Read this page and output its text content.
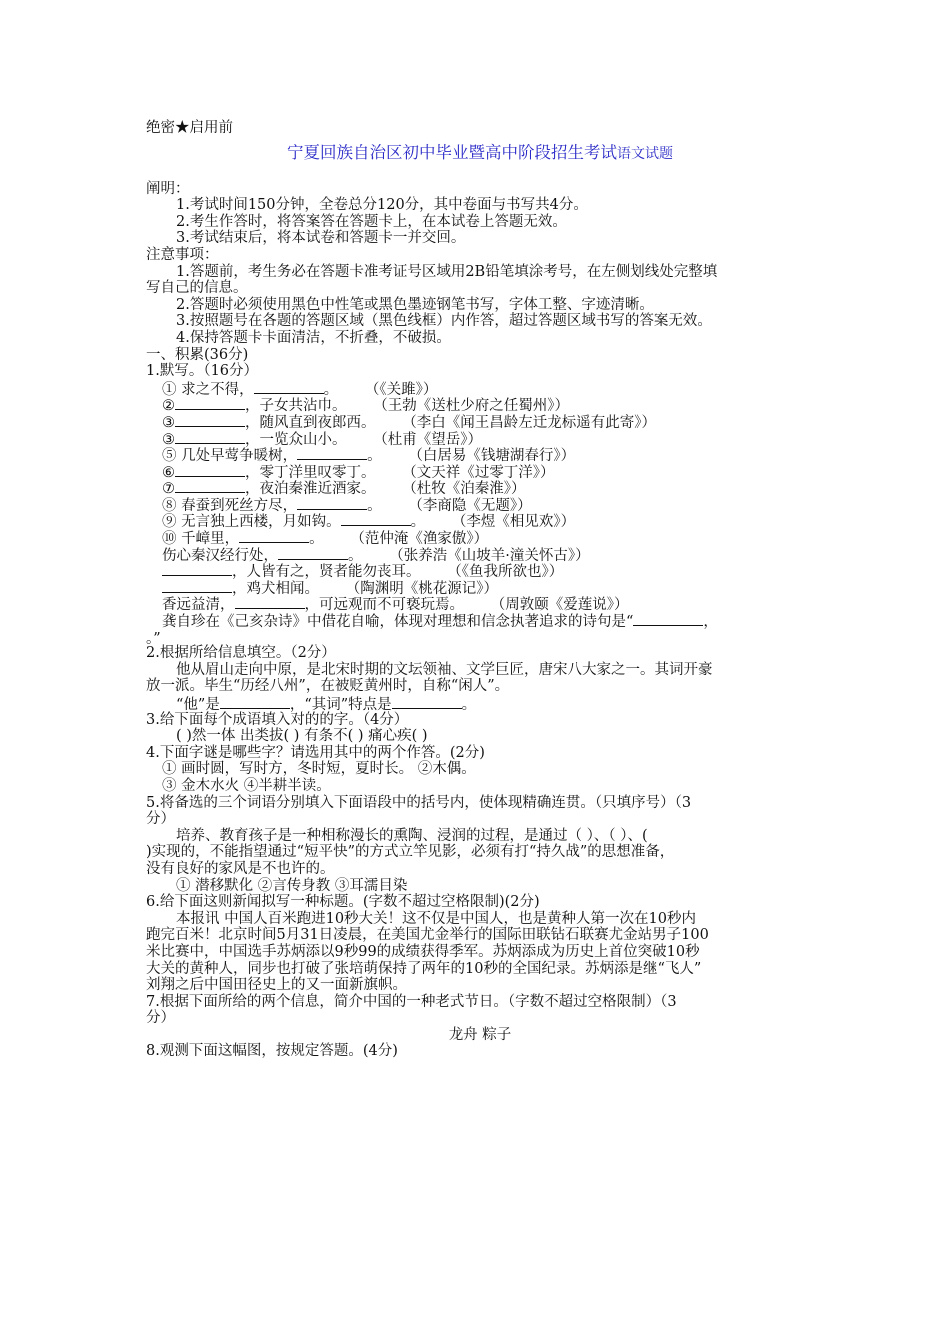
绝密★启用前
宁夏回族自治区初中毕业暨高中阶段招生考试语文试题
阐明：
1.考试时间150分钟，全卷总分120分，其中卷面与书写共4分。
2.考生作答时，将答案答在答题卡上，在本试卷上答题无效。
3.考试结束后，将本试卷和答题卡一并交回。
注意事项：
1.答题前，考生务必在答题卡准考证号区域用2B铅笔填涂考号，在左侧划线处完整填
写自己的信息。
2.答题时必须使用黑色中性笔或黑色墨迹钢笔书写，字体工整、字迹清晰。
3.按照题号在各题的答题区域（黑色线框）内作答，超过答题区域书写的答案无效。
4.保持答题卡卡面清洁，不折叠，不破损。
一、积累(36分)
1.默写。（16分）
① 求之不得，	。 （《关雎》）
②	，子女共沾巾。 （王勃《送杜少府之任蜀州》）
③	，随风直到夜郎西。 （李白《闻王昌龄左迁龙标遥有此寄》）
③	，一览众山小。 （杜甫《望岳》）
⑤ 几处早莺争暖树，	。 （白居易《钱塘湖春行》）
⑥	，零丁洋里叹零丁。 （文天祥《过零丁洋》）
⑦	，夜泊秦淮近酒家。 （杜牧《泊秦淮》）
⑧ 春蚕到死丝方尽，	。 （李商隐《无题》）
⑨ 无言独上西楼，月如钩。	。 （李煜《相见欢》）
⑩ 千嶂里，	。 （范仲淹《渔家傲》）
伤心秦汉经行处，	。 （张养浩《山坡羊·潼关怀古》）
，人皆有之，贤者能勿丧耳。 （《鱼我所欲也》）
，鸡犬相闻。 （陶渊明《桃花源记》）
香远益清，	，可远观而不可亵玩焉。 （周敦颐《爱莲说》）
龚自珍在《己亥杂诗》中借花自喻，体现对理想和信念执著追求的诗句是“	，
。”
2.根据所给信息填空。（2分）
他从眉山走向中原，是北宋时期的文坛领袖、文学巨匠，唐宋八大家之一。其词开豪
放一派。毕生“历经八州”，在被贬黄州时，自称“闲人”。
“他”是	，“其词”特点是	。
3.给下面每个成语填入对的的字。（4分）
( )然一体 出类拔( ) 有条不( ) 痛心疾( )
4.下面字谜是哪些字？请选用其中的两个作答。(2分)
① 画时圆，写时方，冬时短，夏时长。 ②木偶。
③ 金木水火 ④半耕半读。
5.将备选的三个词语分别填入下面语段中的括号内，使体现精确连贯。（只填序号）（3
分）
培养、教育孩子是一种相称漫长的熏陶、浸润的过程，是通过（ ）、（ ）、(
)实现的，不能指望通过“短平快”的方式立竿见影，必须有打“持久战”的思想准备，
没有良好的家风是不也许的。
① 潜移默化 ②言传身教 ③耳濡目染
6.给下面这则新闻拟写一种标题。(字数不超过空格限制)(2分)
本报讯 中国人百米跑进10秒大关！这不仅是中国人，也是黄种人第一次在10秒内
跑完百米！北京时间5月31日凌晨，在美国尤金举行的国际田联钻石联赛尤金站男子100
米比赛中，中国选手苏炳添以9秒99的成绩获得季军。苏炳添成为历史上首位突破10秒
大关的黄种人，同步也打破了张培萌保持了两年的10秒的全国纪录。苏炳添是继“飞人”
刘翔之后中国田径史上的又一面新旗帜。
7.根据下面所给的两个信息，简介中国的一种老式节日。（字数不超过空格限制）（3
分）
龙舟 粽子
8.观测下面这幅图，按规定答题。(4分)
